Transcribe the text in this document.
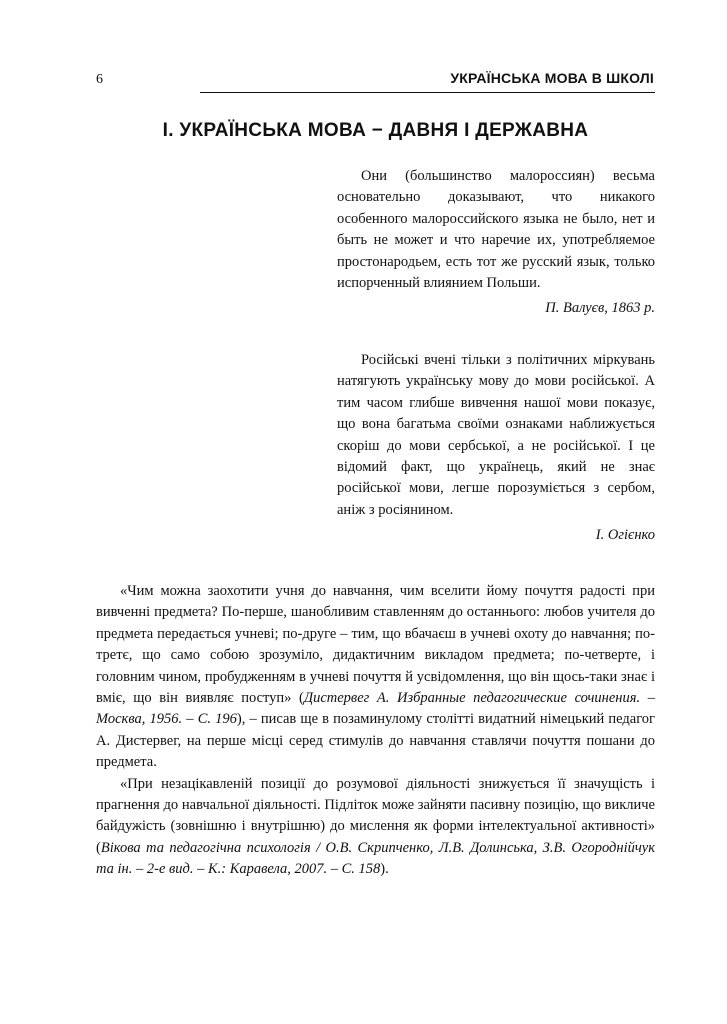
6	УКРАЇНСЬКА МОВА В ШКОЛІ
І. УКРАЇНСЬКА МОВА − ДАВНЯ І ДЕРЖАВНА

Они (большинство малороссиян) весьма основательно доказывают, что никакого особенного малороссийского языка не было, нет и быть не может и что наречие их, употребляемое простонародьем, есть тот же русский язык, только испорченный влиянием Польши.

П. Валуєв, 1863 р.

Російські вчені тільки з політичних міркувань натягують українську мову до мови російської. А тим часом глибше вивчення нашої мови показує, що вона багатьма своїми ознаками наближується скоріш до мови сербської, а не російської. І це відомий факт, що українець, який не знає російської мови, легше порозуміється з сербом, аніж з росіянином.

І. Огієнко

«Чим можна заохотити учня до навчання, чим вселити йому почуття радості при вивченні предмета? По-перше, шанобливим ставленням до останнього: любов учителя до предмета передається учневі; по-друге – тим, що вбачаєш в учневі охоту до навчання; по-третє, що само собою зрозуміло, дидактичним викладом предмета; по-четверте, і головним чином, пробудженням в учневі почуття й усвідомлення, що він щось-таки знає і вміє, що він виявляє поступ» (Дистервег А. Избранные педагогические сочинения. – Москва, 1956. – С. 196), – писав ще в позаминулому столітті видатний німецький педагог А. Дистервег, на перше місці серед стимулів до навчання ставлячи почуття пошани до предмета.

«При незацікавленій позиції до розумової діяльності знижується її значущість і прагнення до навчальної діяльності. Підліток може зайняти пасивну позицію, що викличе байдужість (зовнішню і внутрішню) до мислення як форми інтелектуальної активності» (Вікова та педагогічна психологія / О.В. Скрипченко, Л.В. Долинська, З.В. Огороднійчук та ін. – 2-е вид. – К.: Каравела, 2007. – С. 158).
